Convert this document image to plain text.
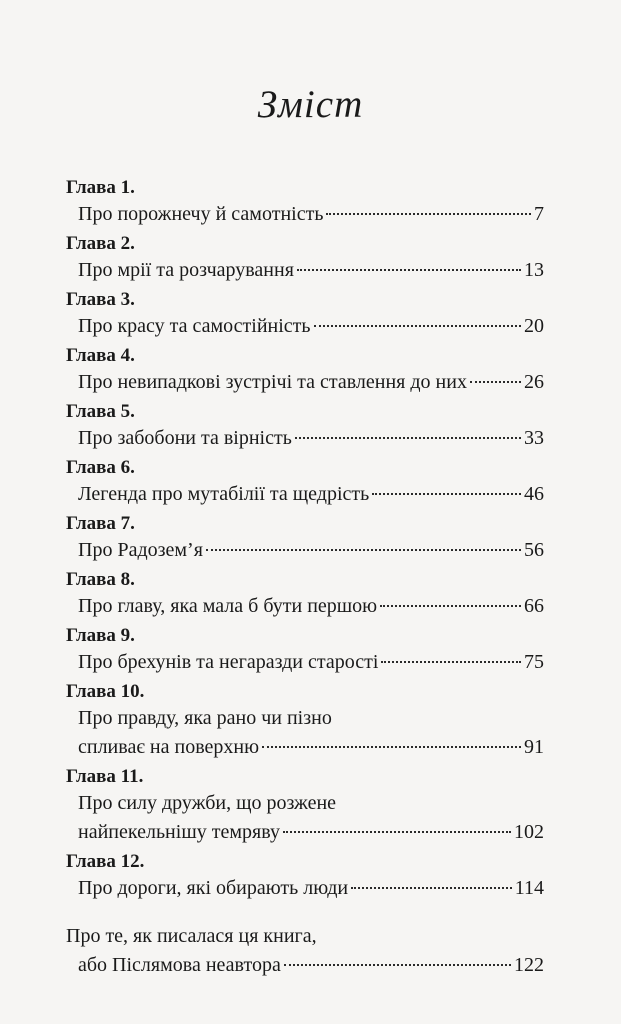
Зміст
Глава 1.
Про порожнечу й самотність	7
Глава 2.
Про мрії та розчарування	13
Глава 3.
Про красу та самостійність	20
Глава 4.
Про невипадкові зустрічі та ставлення до них	26
Глава 5.
Про забобони та вірність	33
Глава 6.
Легенда про мутабілії та щедрість	46
Глава 7.
Про Радозем’я	56
Глава 8.
Про главу, яка мала б бути першою	66
Глава 9.
Про брехунів та негаразди старості	75
Глава 10.
Про правду, яка рано чи пізно
спливає на поверхню	91
Глава 11.
Про силу дружби, що розженe
найпекельнішу темряву	102
Глава 12.
Про дороги, які обирають люди	114
Про те, як писалася ця книга,
або Післямова неавтора	122
